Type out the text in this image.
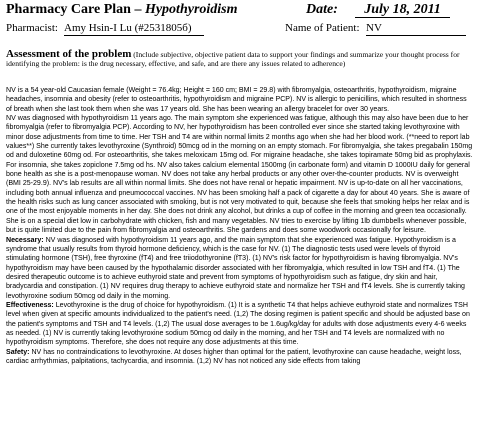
Pharmacy Care Plan – Hypothyroidism	Date:	July 18, 2011
Pharmacist: Amy Hsin-I Lu (#2531805б)	Name of Patient: NV
Assessment of the problem (Include subjective, objective patient data to support your findings and summarize your thought process for identifying the problem: is the drug necessary, effective, and safe, and are there any issues related to adherence)

NV is a 54 year-old Caucasian female (Weight = 76.4kg; Height = 160 cm; BMI = 29.8) with fibromyalgia, osteoarthritis, hypothyroidism, migraine headaches, insomnia and obesity (refer to osteoarthritis, hypothyroidism and migraine PCP). NV is allergic to penicillins, which resulted in shortness of breath when she last took them when she was 17 years old. She has been wearing an allergy bracelet for over 30 years.

NV was diagnosed with hypothyroidism 11 years ago. The main symptom she experienced was fatigue, although this may also have been due to her fibromyalgia (refer to fibromyalgia PCP). According to NV, her hypothyroidism has been controlled ever since she started taking levothyroxine with minor dose adjustments from time to time. Her TSH and T4 are within normal limits 2 months ago when she had her blood work. (**need to report lab values**) She currently takes levothyroxine (Synthroid) 50mcg od in the morning on an empty stomach. For fibromyalgia, she takes pregabalin 150mg od and duloxetine 60mg od. For osteoarthritis, she takes meloxicam 15mg od. For migraine headache, she takes topiramate 50mg bid as prophylaxis. For insomnia, she takes zopiclone 7.5mg od hs. NV also takes calcium elemental 1500mg (in carbonate form) and vitamin D 1000IU daily for general bone health as she is a post-menopause woman. NV does not take any herbal products or any other over-the-counter products. NV is overweight (BMI 25-29.9). NV's lab results are all within normal limits. She does not have renal or hepatic impairment. NV is up-to-date on all her vaccinations, including both annual influenza and pneumococcal vaccines. NV has been smoking half a pack of cigarette a day for about 40 years. She is aware of the health risks such as lung cancer associated with smoking, but is not very motivated to quit, because she feels that smoking helps her relax and is one of the most enjoyable moments in her day. She does not drink any alcohol, but drinks a cup of coffee in the morning and green tea occasionally. She is on a special diet low in carbohydrate with chicken, fish and many vegetables. NV tries to exercise by lifting 1lb dumbbells whenever possible, but is quite limited due to the pain from fibromyalgia and osteoarthritis. She gardens and does some woodwork occasionally for leisure.

Necessary: NV was diagnosed with hypothyroidism 11 years ago, and the main symptom that she experienced was fatigue. Hypothyroidism is a syndrome that usually results from thyroid hormone deficiency, which is the case for NV. (1) The diagnostic tests used were levels of thyroid stimulating hormone (TSH), free thyroxine (fT4) and free triiodothyronine (fT3). (1) NV's risk factor for hypothyroidism is having fibromyalgia. NV's hypothyroidism may have been caused by the hypothalamic disorder associated with her fibromyalgia, which resulted in low TSH and fT4. (1) The desired therapeutic outcome is to achieve euthyroid state and prevent from symptoms of hypothyroidism such as fatigue, dry skin and hair, bradycardia and constipation. (1) NV requires drug therapy to achieve euthyroid state and normalize her TSH and fT4 levels. She is currently taking levothyroxine sodium 50mcg od daily in the morning.

Effectiveness: Levothyroxine is the drug of choice for hypothyroidism. (1) It is a synthetic T4 that helps achieve euthyroid state and normalizes TSH level when given at specific amounts individualized to the patient's need. (1,2) The dosing regimen is patient specific and should be adjusted base on the patient's symptoms and TSH and T4 levels. (1,2) The usual dose averages to be 1.6ug/kg/day for adults with dose adjustments every 4-6 weeks as needed. (1) NV is currently taking levothyroxine sodium 50mcg od daily in the morning, and her TSH and T4 levels are normalized with no hypothyroidism symptoms. Therefore, she does not require any dose adjustments at this time.

Safety: NV has no contraindications to levothyroxine. At doses higher than optimal for the patient, levothyroxine can cause headache, weight loss, cardiac arrhythmias, palpitations, tachycardia, and insomnia. (1,2) NV has not noticed any side effects from taking
